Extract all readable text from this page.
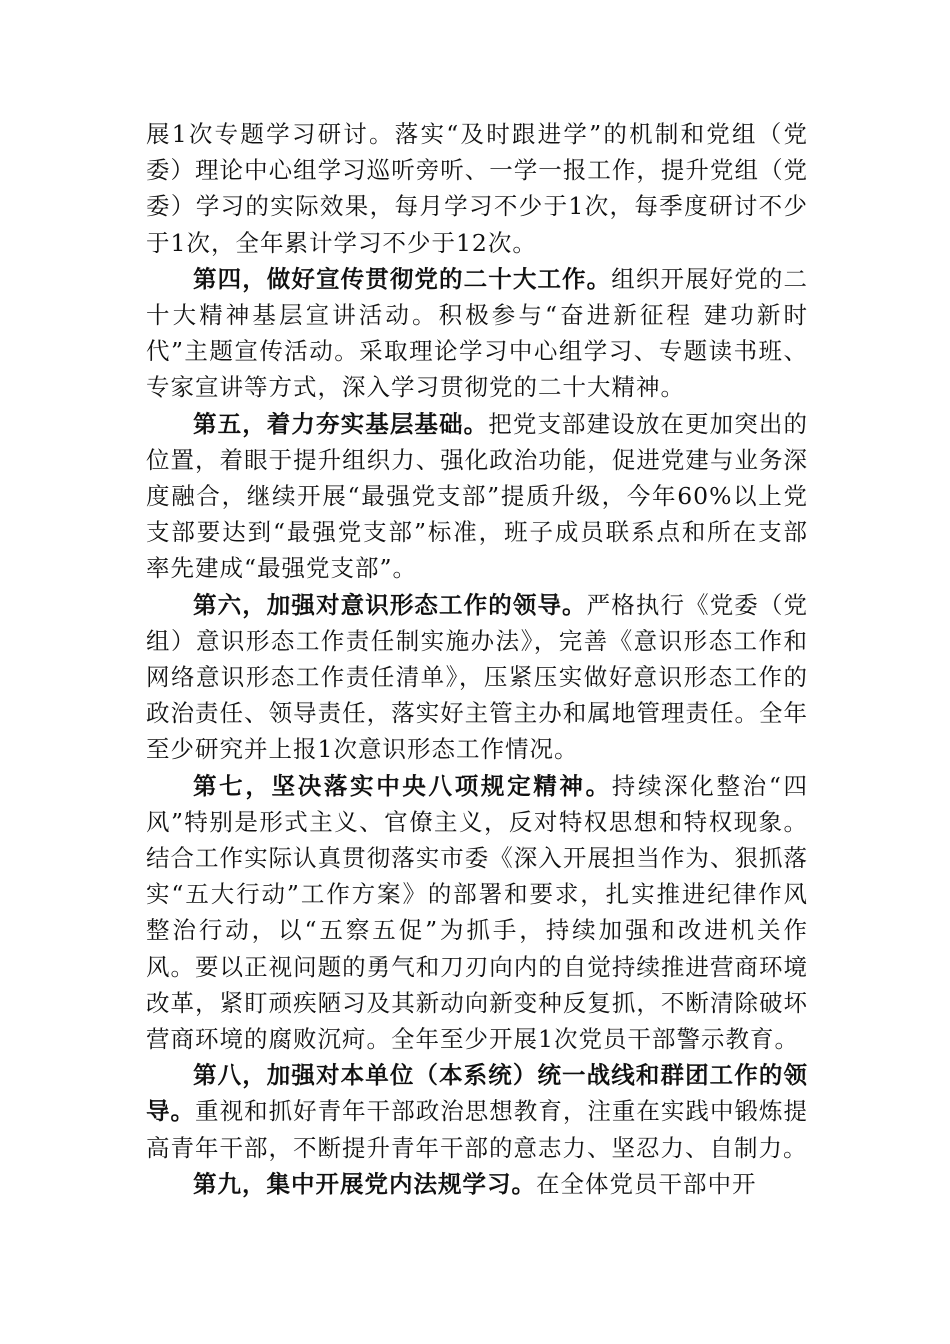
展1次专题学习研讨。落实“及时跟进学”的机制和党组（党委）理论中心组学习巡听旁听、一学一报工作，提升党组（党委）学习的实际效果，每月学习不少于1次，每季度研讨不少于1次，全年累计学习不少于12次。

第四，做好宣传贯彻党的二十大工作。组织开展好党的二十大精神基层宣讲活动。积极参与“奋进新征程 建功新时代”主题宣传活动。采取理论学习中心组学习、专题读书班、专家宣讲等方式，深入学习贯彻党的二十大精神。

第五，着力夯实基层基础。把党支部建设放在更加突出的位置，着眼于提升组织力、强化政治功能，促进党建与业务深度融合，继续开展“最强党支部”提质升级，今年60%以上党支部要达到“最强党支部”标准，班子成员联系点和所在支部率先建成“最强党支部”。

第六，加强对意识形态工作的领导。严格执行《党委（党组）意识形态工作责任制实施办法》，完善《意识形态工作和网络意识形态工作责任清单》，压紧压实做好意识形态工作的政治责任、领导责任，落实好主管主办和属地管理责任。全年至少研究并上报1次意识形态工作情况。

第七，坚决落实中央八项规定精神。持续深化整治“四风”特别是形式主义、官僚主义，反对特权思想和特权现象。结合工作实际认真贯彻落实市委《深入开展担当作为、狠抓落实“五大行动”工作方案》的部署和要求，扎实推进纪律作风整治行动，以“五察五促”为抓手，持续加强和改进机关作风。要以正视问题的勇气和刀刃向内的自觉持续推进营商环境改革，紧盯顽疾陋习及其新动向新变种反复抓，不断清除破坏营商环境的腐败沉疴。全年至少开展1次党员干部警示教育。

第八，加强对本单位（本系统）统一战线和群团工作的领导。重视和抓好青年干部政治思想教育，注重在实践中锻炼提高青年干部，不断提升青年干部的意志力、坚忍力、自制力。

第九，集中开展党内法规学习。在全体党员干部中开
